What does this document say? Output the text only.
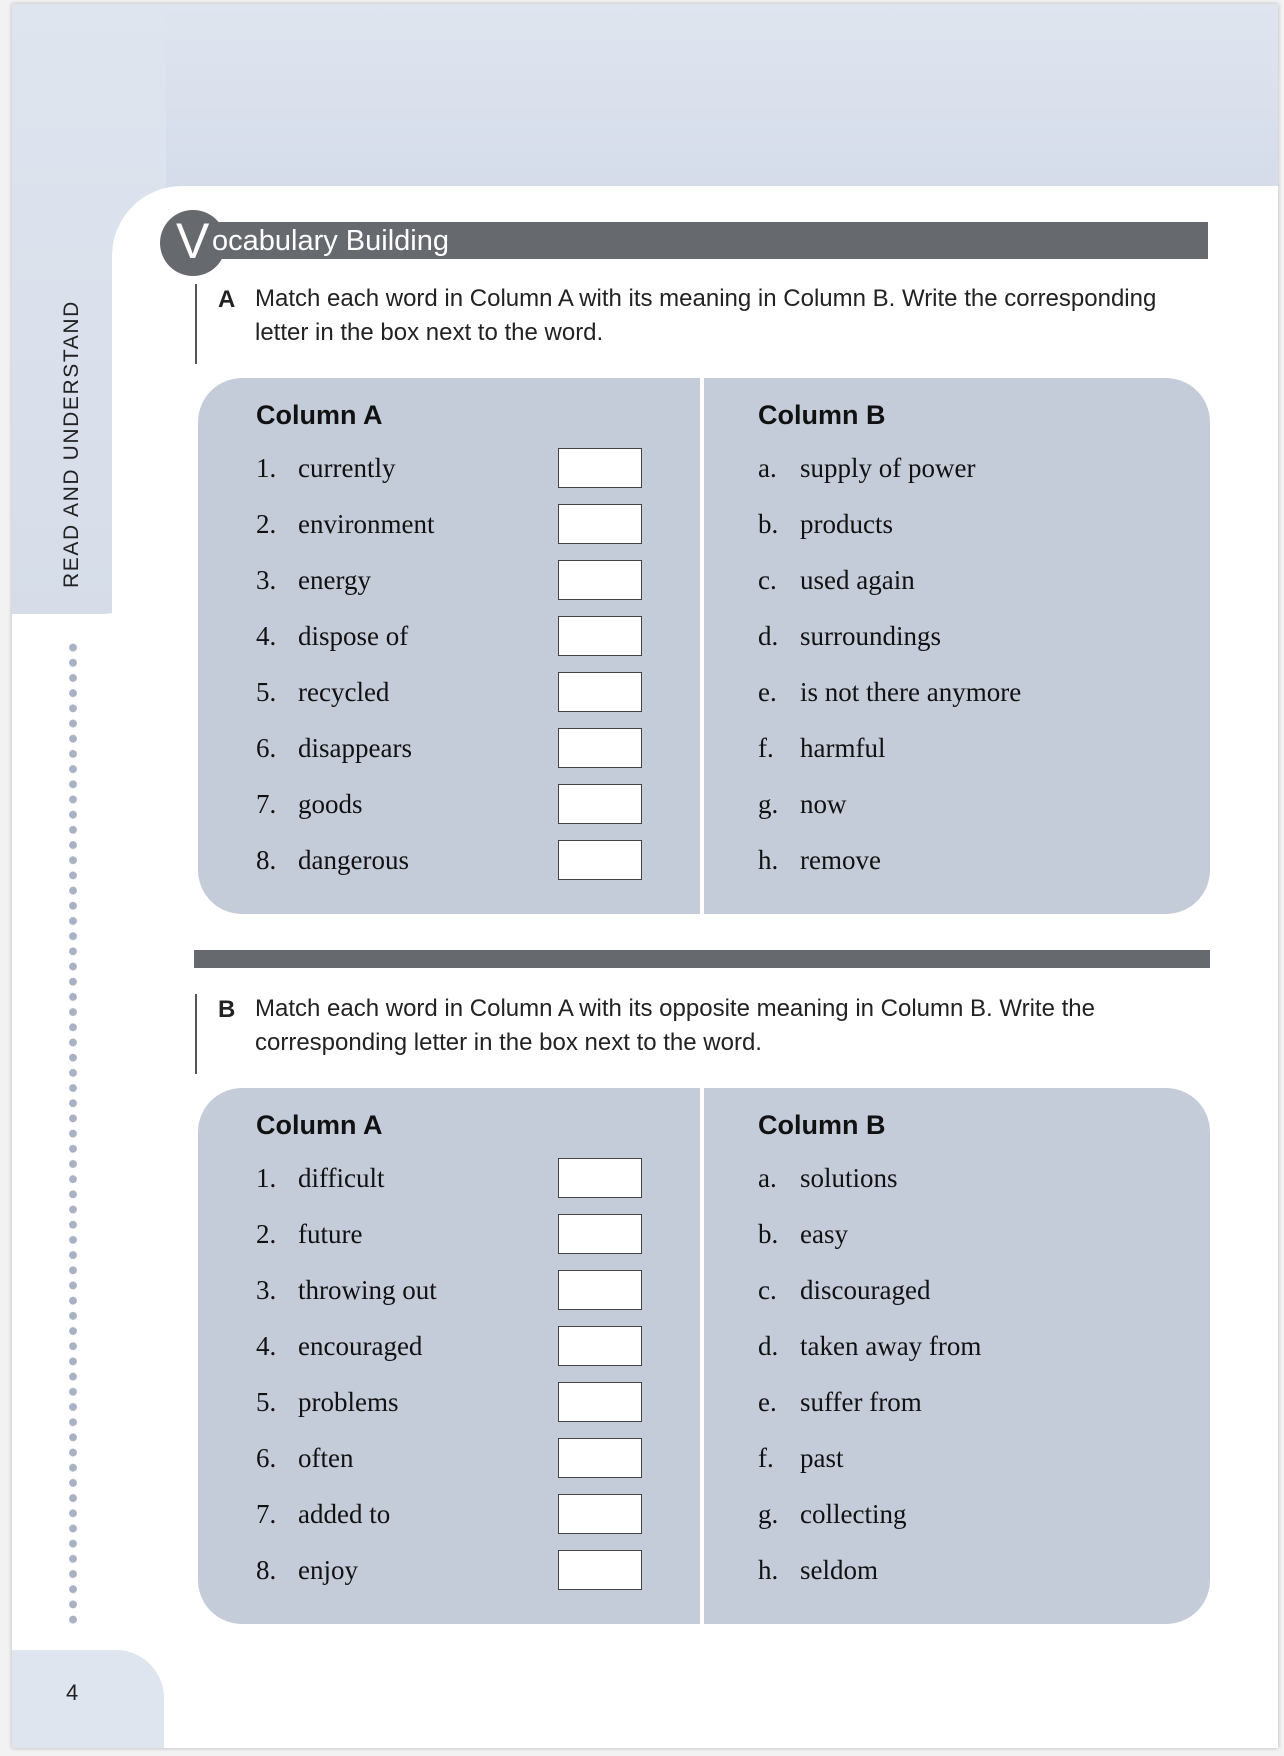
READ AND UNDERSTAND
4
V ocabulary Building
A Match each word in Column A with its meaning in Column B. Write the corresponding letter in the box next to the word.
Column A	Column B
1. currently
2. environment
3. energy
4. dispose of
5. recycled
6. disappears
7. goods
8. dangerous
a. supply of power
b. products
c. used again
d. surroundings
e. is not there anymore
f. harmful
g. now
h. remove
B Match each word in Column A with its opposite meaning in Column B. Write the corresponding letter in the box next to the word.
Column A	Column B
1. difficult
2. future
3. throwing out
4. encouraged
5. problems
6. often
7. added to
8. enjoy
a. solutions
b. easy
c. discouraged
d. taken away from
e. suffer from
f. past
g. collecting
h. seldom
